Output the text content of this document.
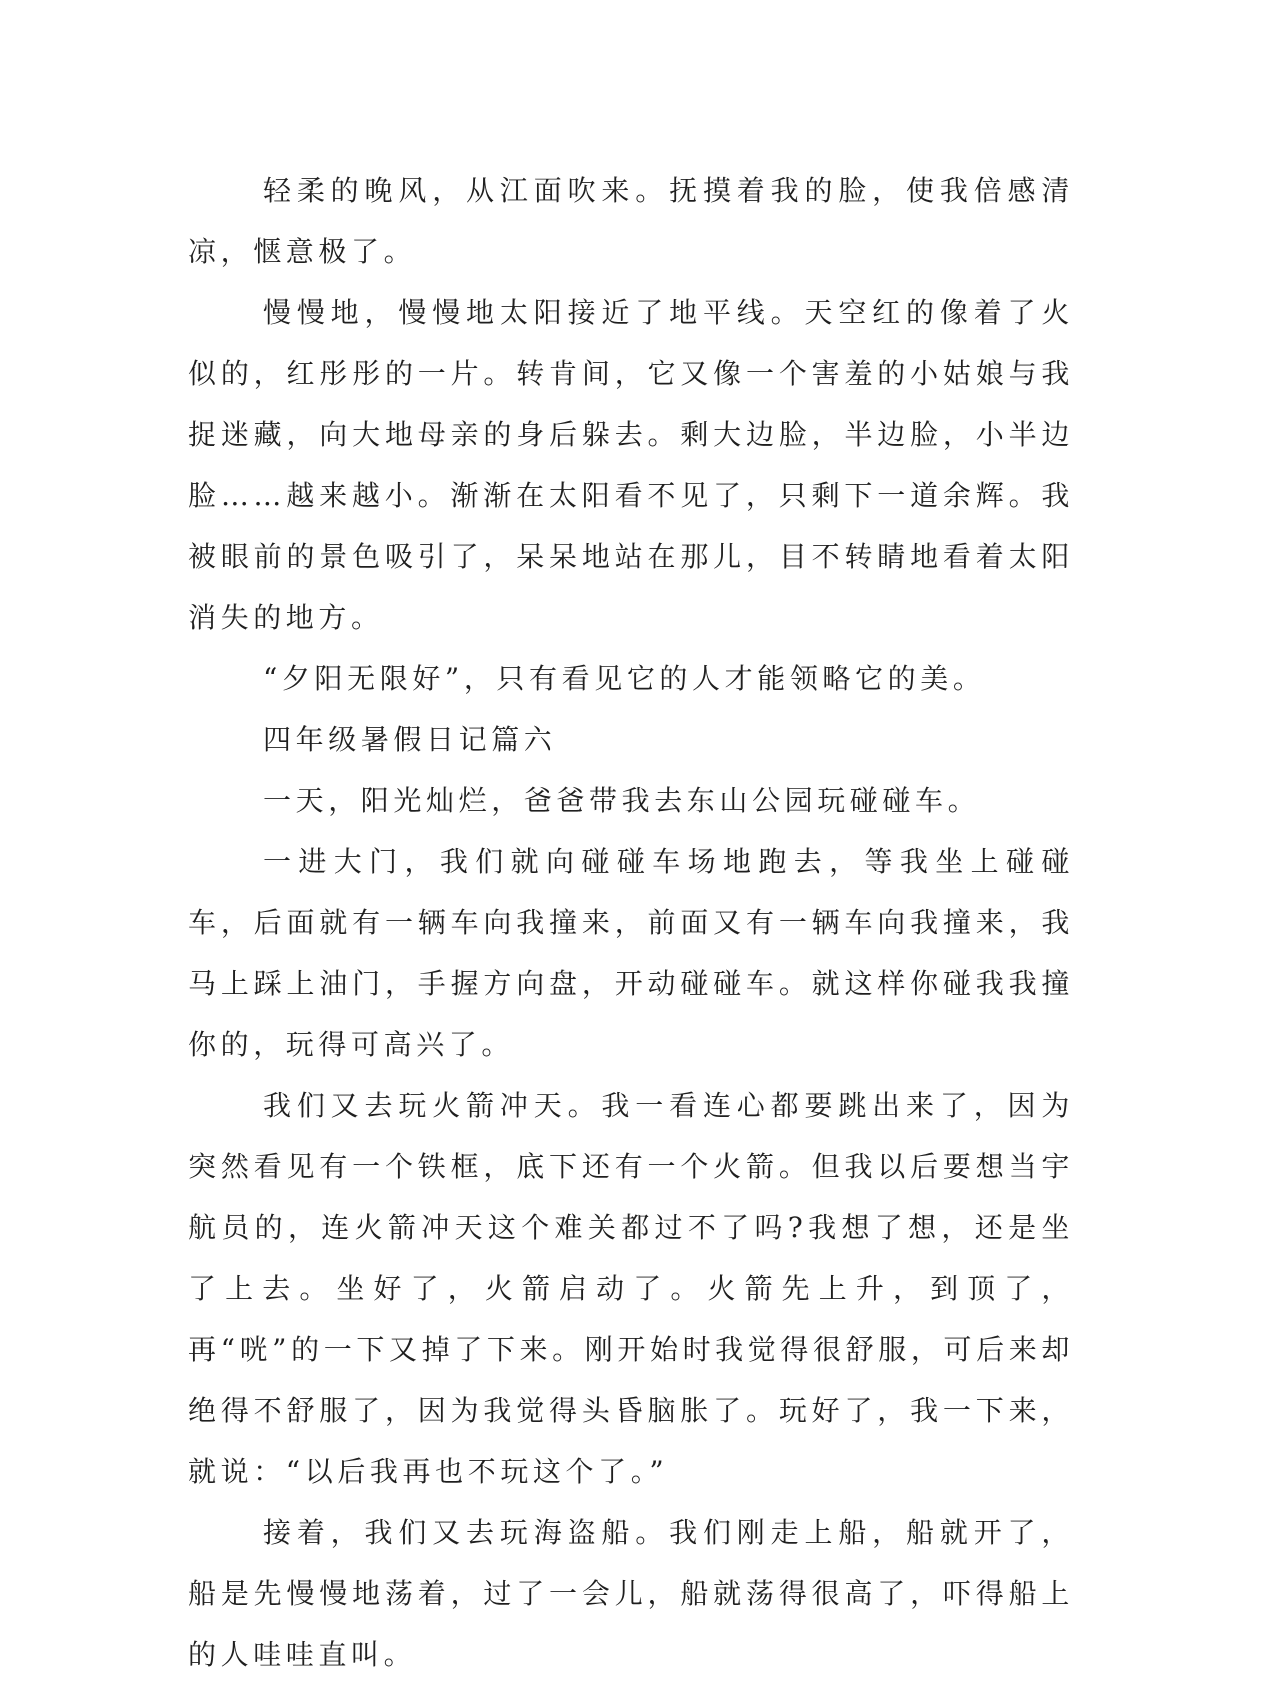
轻柔的晚风，从江面吹来。抚摸着我的脸，使我倍感清凉，惬意极了。

慢慢地，慢慢地太阳接近了地平线。天空红的像着了火似的，红彤彤的一片。转肯间，它又像一个害羞的小姑娘与我捉迷藏，向大地母亲的身后躲去。剩大边脸，半边脸，小半边脸……越来越小。渐渐在太阳看不见了，只剩下一道余辉。我被眼前的景色吸引了，呆呆地站在那儿，目不转睛地看着太阳消失的地方。

“夕阳无限好”，只有看见它的人才能领略它的美。

四年级暑假日记篇六

一天，阳光灿烂，爸爸带我去东山公园玩碰碰车。

一进大门，我们就向碰碰车场地跑去，等我坐上碰碰车，后面就有一辆车向我撞来，前面又有一辆车向我撞来，我马上踩上油门，手握方向盘，开动碰碰车。就这样你碰我我撞你的，玩得可高兴了。

我们又去玩火箭冲天。我一看连心都要跳出来了，因为突然看见有一个铁框，底下还有一个火箭。但我以后要想当宇航员的，连火箭冲天这个难关都过不了吗?我想了想，还是坐了上去。坐好了，火箭启动了。火箭先上升，到顶了，再“咣”的一下又掉了下来。刚开始时我觉得很舒服，可后来却绝得不舒服了，因为我觉得头昏脑胀了。玩好了，我一下来，就说：“以后我再也不玩这个了。”

接着，我们又去玩海盗船。我们刚走上船，船就开了，船是先慢慢地荡着，过了一会儿，船就荡得很高了，吓得船上的人哇哇直叫。
